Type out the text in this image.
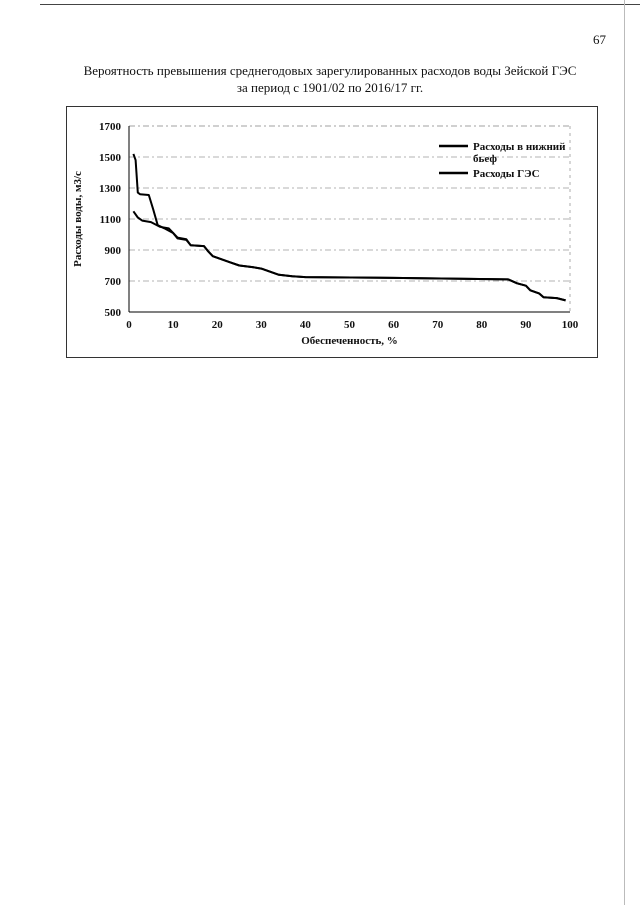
67
Вероятность превышения среднегодовых зарегулированных расходов воды Зейской ГЭС
за период с 1901/02 по 2016/17 гг.
500
700
900
1100
1300
1500
1700
0	10	20	30	40	50	60	70	80	90	100
Обеспеченность, %
Расходы воды, м3/с
Расходы в нижний бьеф
Расходы ГЭС
